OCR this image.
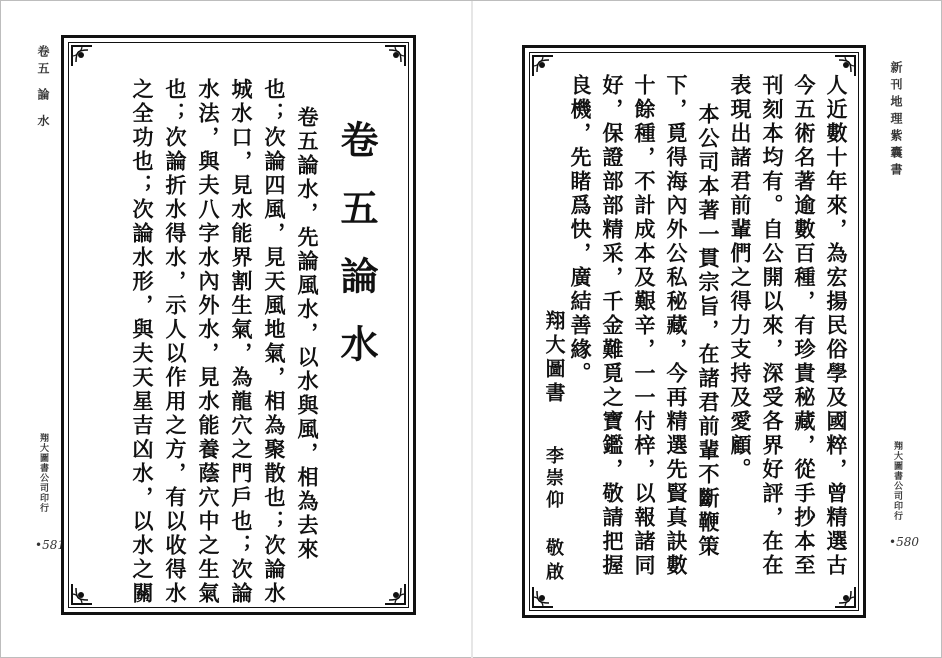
卷五 論 水
翔大圖書公司印行
•581
卷五論水
卷五論水，先論風水，以水與風，相為去來
也；次論四風，見天風地氣，相為聚散也；次論水
城水口，見水能界割生氣，為龍穴之門戶也；次論
水法，與夫八字水內外水，見水能養蔭穴中之生氣
也；次論折水得水，示人以作用之方，有以收得水
之全功也；次論水形，與夫天星吉凶水，以水之關	人近數十年來，為宏揚民俗學及國粹，曾精選古
今五術名著逾數百種，有珍貴秘藏，從手抄本至
刊刻本均有。自公開以來，深受各界好評，在在
表現出諸君前輩們之得力支持及愛顧。
本公司本著一貫宗旨，在諸君前輩不斷鞭策
下，覓得海內外公私秘藏，今再精選先賢真訣數
十餘種，不計成本及艱辛，一一付梓，以報諸同
好，保證部部精采，千金難覓之寶鑑，敬請把握
良機，先睹爲快，廣結善緣。
翔大圖書
李崇仰
敬啟
新刊地理紫囊書
翔大圖書公司印行
•580
